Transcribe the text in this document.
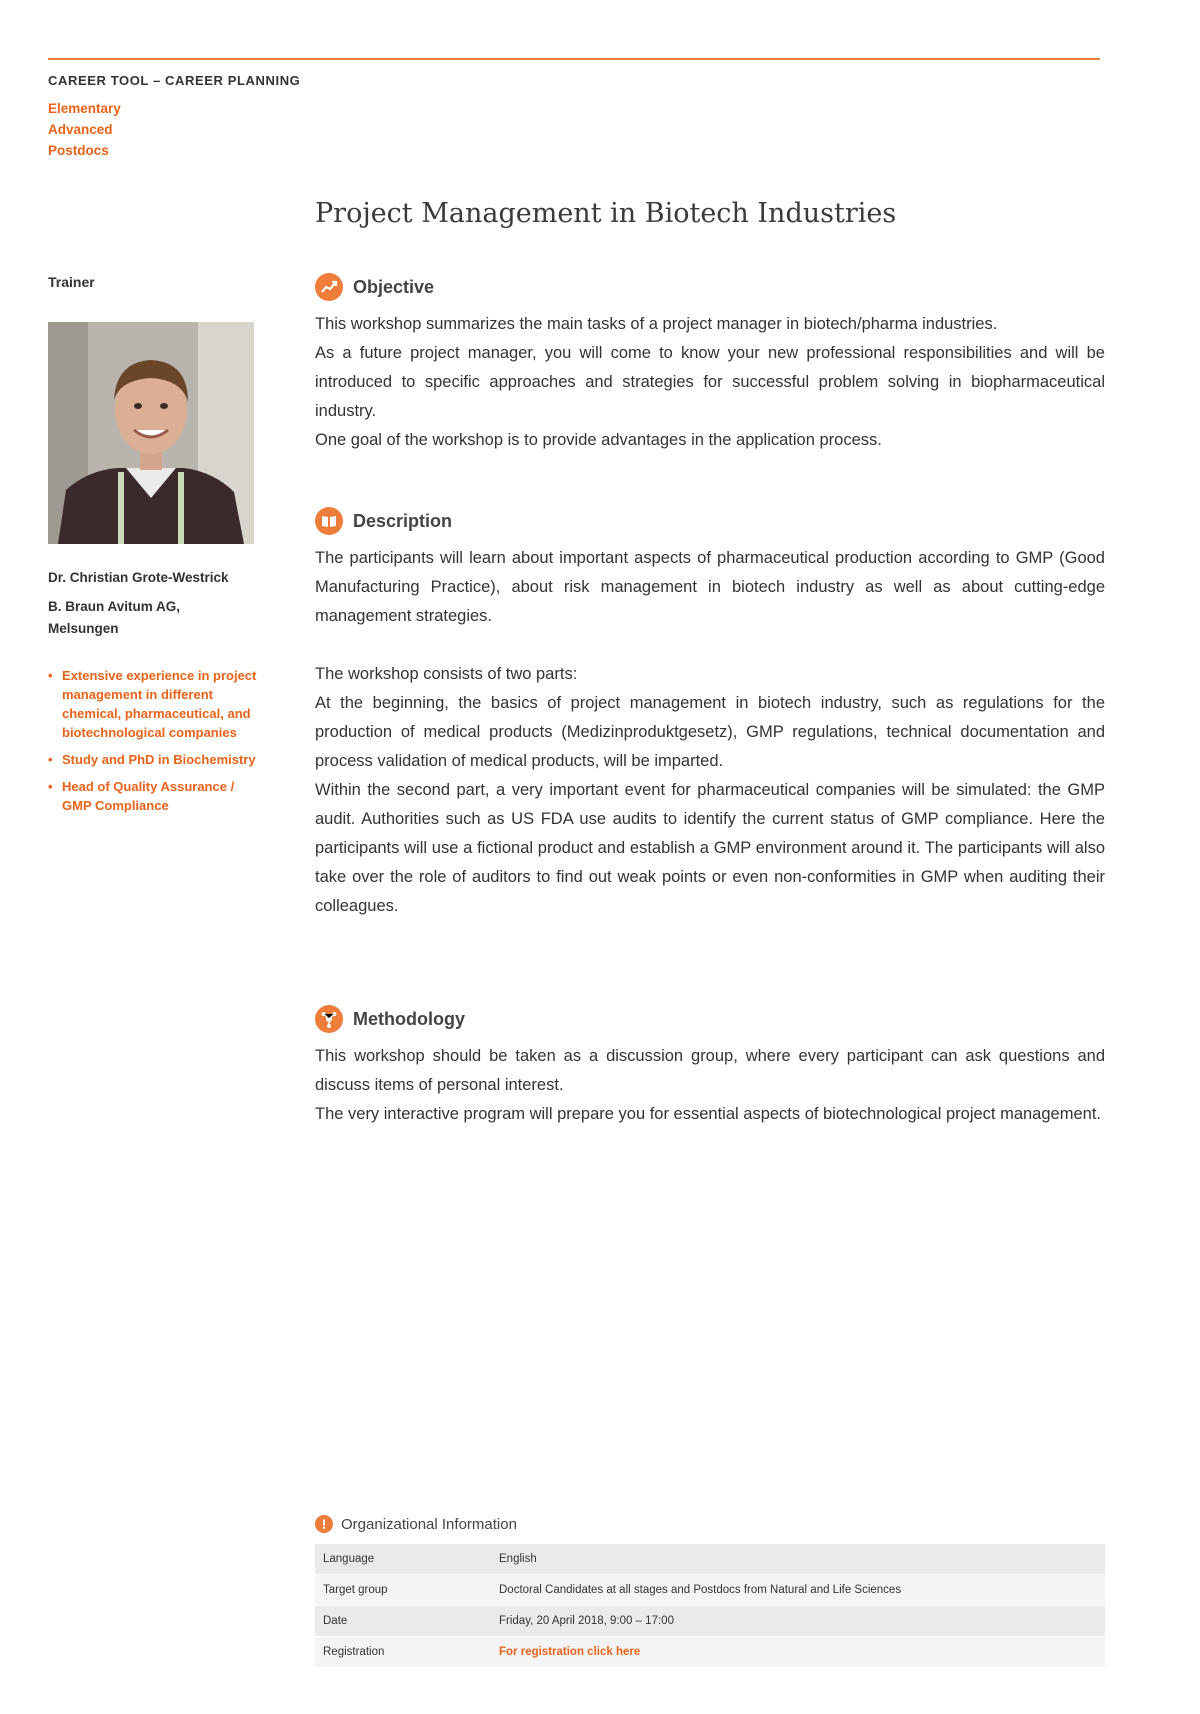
CAREER TOOL – CAREER PLANNING
Elementary
Advanced
Postdocs
Project Management in Biotech Industries
Trainer
Dr. Christian Grote-Westrick
B. Braun Avitum AG,
Melsungen
• Extensive experience in project management in different chemical, pharmaceutical, and biotechnological companies
• Study and PhD in Biochemistry
• Head of Quality Assurance / GMP Compliance
Objective

This workshop summarizes the main tasks of a project manager in biotech/pharma industries.

As a future project manager, you will come to know your new professional responsibilities and will be introduced to specific approaches and strategies for successful problem solving in biopharmaceutical industry.

One goal of the workshop is to provide advantages in the application process.

Description

The participants will learn about important aspects of pharmaceutical production according to GMP (Good Manufacturing Practice), about risk management in biotech industry as well as about cutting-edge management strategies.

The workshop consists of two parts:

At the beginning, the basics of project management in biotech industry, such as regulations for the production of medical products (Medizinproduktgesetz), GMP regulations, technical documentation and process validation of medical products, will be imparted.

Within the second part, a very important event for pharmaceutical companies will be simulated: the GMP audit. Authorities such as US FDA use audits to identify the current status of GMP compliance. Here the participants will use a fictional product and establish a GMP environment around it. The participants will also take over the role of auditors to find out weak points or even non-conformities in GMP when auditing their colleagues.

Methodology

This workshop should be taken as a discussion group, where every participant can ask questions and discuss items of personal interest.

The very interactive program will prepare you for essential aspects of biotechnological project management.

Organizational Information
Language	English
Target group	Doctoral Candidates at all stages and Postdocs from Natural and Life Sciences
Date	Friday, 20 April 2018, 9:00 – 17:00
Registration	For registration click here
